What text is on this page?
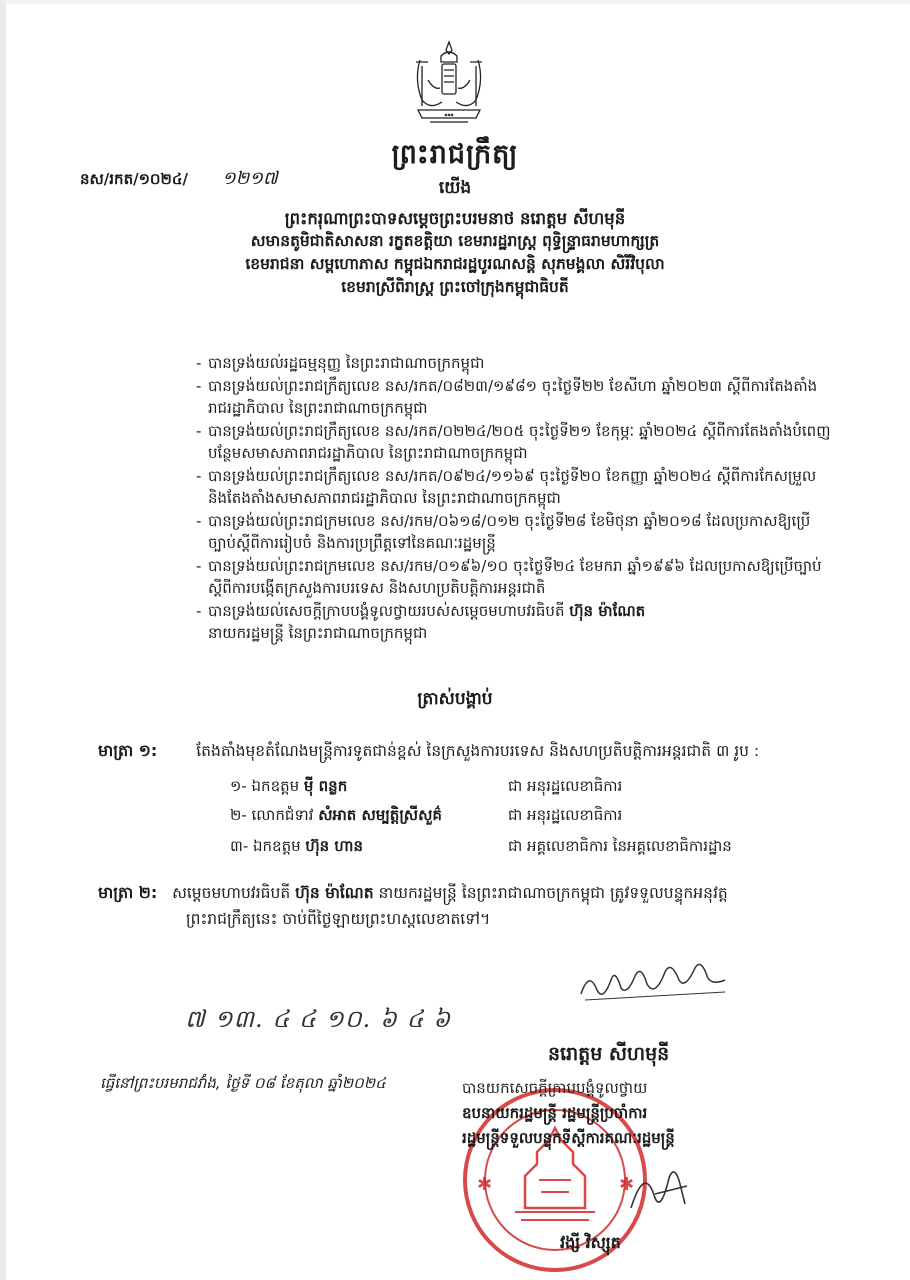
◆◆◆
ព្រះរាជក្រឹត្យ
នស/រកត/១០២៤/ ១២១៧	យើង
ព្រះករុណាព្រះបាទសម្តេចព្រះបរមនាថ នរោត្តម សីហមុនី
សមានតូមិជាតិសាសនា រក្ខតខត្តិយា ខេមរារដ្ឋរាស្ត្រ ពុទ្ធិន្ទ្រាធរាមហាក្សត្រ
ខេមរាជនា សម្ពហោភាស កម្ពុជឯករាជរដ្ឋបូរណសន្តិ សុភមង្គលា សិរីវិបុលា
ខេមរាស្រីពិរាស្ត្រ ព្រះចៅក្រុងកម្ពុជាធិបតី
- បានទ្រង់យល់រដ្ឋធម្មនុញ្ញ នៃព្រះរាជាណាចក្រកម្ពុជា
- បានទ្រង់យល់ព្រះរាជក្រឹត្យលេខ នស/រកត/០៨២៣/១៩៨១ ចុះថ្ងៃទី២២ ខែសីហា ឆ្នាំ២០២៣ ស្តីពីការតែងតាំងរាជរដ្ឋាភិបាល នៃព្រះរាជាណាចក្រកម្ពុជា
- បានទ្រង់យល់ព្រះរាជក្រឹត្យលេខ នស/រកត/០២២៤/២០៥ ចុះថ្ងៃទី២១ ខែកុម្ភៈ ឆ្នាំ២០២៤ ស្តីពីការតែងតាំងបំពេញបន្ថែមសមាសភាពរាជរដ្ឋាភិបាល នៃព្រះរាជាណាចក្រកម្ពុជា
- បានទ្រង់យល់ព្រះរាជក្រឹត្យលេខ នស/រកត/០៩២៤/១១៦៩ ចុះថ្ងៃទី២០ ខែកញ្ញា ឆ្នាំ២០២៤ ស្តីពីការកែសម្រួល និងតែងតាំងសមាសភាពរាជរដ្ឋាភិបាល នៃព្រះរាជាណាចក្រកម្ពុជា
- បានទ្រង់យល់ព្រះរាជក្រមលេខ នស/រកម/០៦១៨/០១២ ចុះថ្ងៃទី២៨ ខែមិថុនា ឆ្នាំ២០១៨ ដែលប្រកាសឱ្យប្រើច្បាប់ស្តីពីការរៀបចំ និងការប្រព្រឹត្តទៅនៃគណៈរដ្ឋមន្ត្រី
- បានទ្រង់យល់ព្រះរាជក្រមលេខ នស/រកម/០១៩៦/១០ ចុះថ្ងៃទី២៤ ខែមករា ឆ្នាំ១៩៩៦ ដែលប្រកាសឱ្យប្រើច្បាប់ស្តីពីការបង្កើតក្រសួងការបរទេស និងសហប្រតិបត្តិការអន្តរជាតិ
- បានទ្រង់យល់សេចក្តីក្រាបបង្គំទូលថ្វាយរបស់សម្តេចមហាបវរធិបតី ហ៊ុន ម៉ាណែត
នាយករដ្ឋមន្ត្រី នៃព្រះរាជាណាចក្រកម្ពុជា
ត្រាស់បង្គាប់
មាត្រា ១:	តែងតាំងមុខតំណែងមន្ត្រីការទូតជាន់ខ្ពស់ នៃក្រសួងការបរទេស និងសហប្រតិបត្តិការអន្តរជាតិ ៣ រូប :
១- ឯកឧត្តម ម៉ី ពន្លក	ជា អនុរដ្ឋលេខាធិការ
២- លោកជំទាវ សំអាត សម្បត្តិស្រីសួគ៌	ជា អនុរដ្ឋលេខាធិការ
៣- ឯកឧត្តម ហ៊ុន ហាន	ជា អគ្គលេខាធិការ នៃអគ្គលេខាធិការដ្ឋាន
មាត្រា ២: សម្តេចមហាបវរធិបតី ហ៊ុន ម៉ាណែត នាយករដ្ឋមន្ត្រី នៃព្រះរាជាណាចក្រកម្ពុជា ត្រូវទទួលបន្ទុកអនុវត្ត
ព្រះរាជក្រឹត្យនេះ ចាប់ពីថ្ងៃឡាយព្រះហស្តលេខាតទៅ។
៧ ១៣. ៤ ៤ ១០. ៦ ៤ ៦
ធ្វើនៅព្រះបរមរាជវាំង, ថ្ងៃទី ០៨ ខែតុលា ឆ្នាំ២០២៤
នរោត្តម សីហមុនី
✱	✱
បានយកសេចក្តីក្រាបបង្គំទូលថ្វាយ
ឧបនាយករដ្ឋមន្ត្រី រដ្ឋមន្ត្រីប្រចាំការ
រដ្ឋមន្ត្រីទទួលបន្ទុកទីស្តីការគណៈរដ្ឋមន្ត្រី
វង្សី វិស្សុត
